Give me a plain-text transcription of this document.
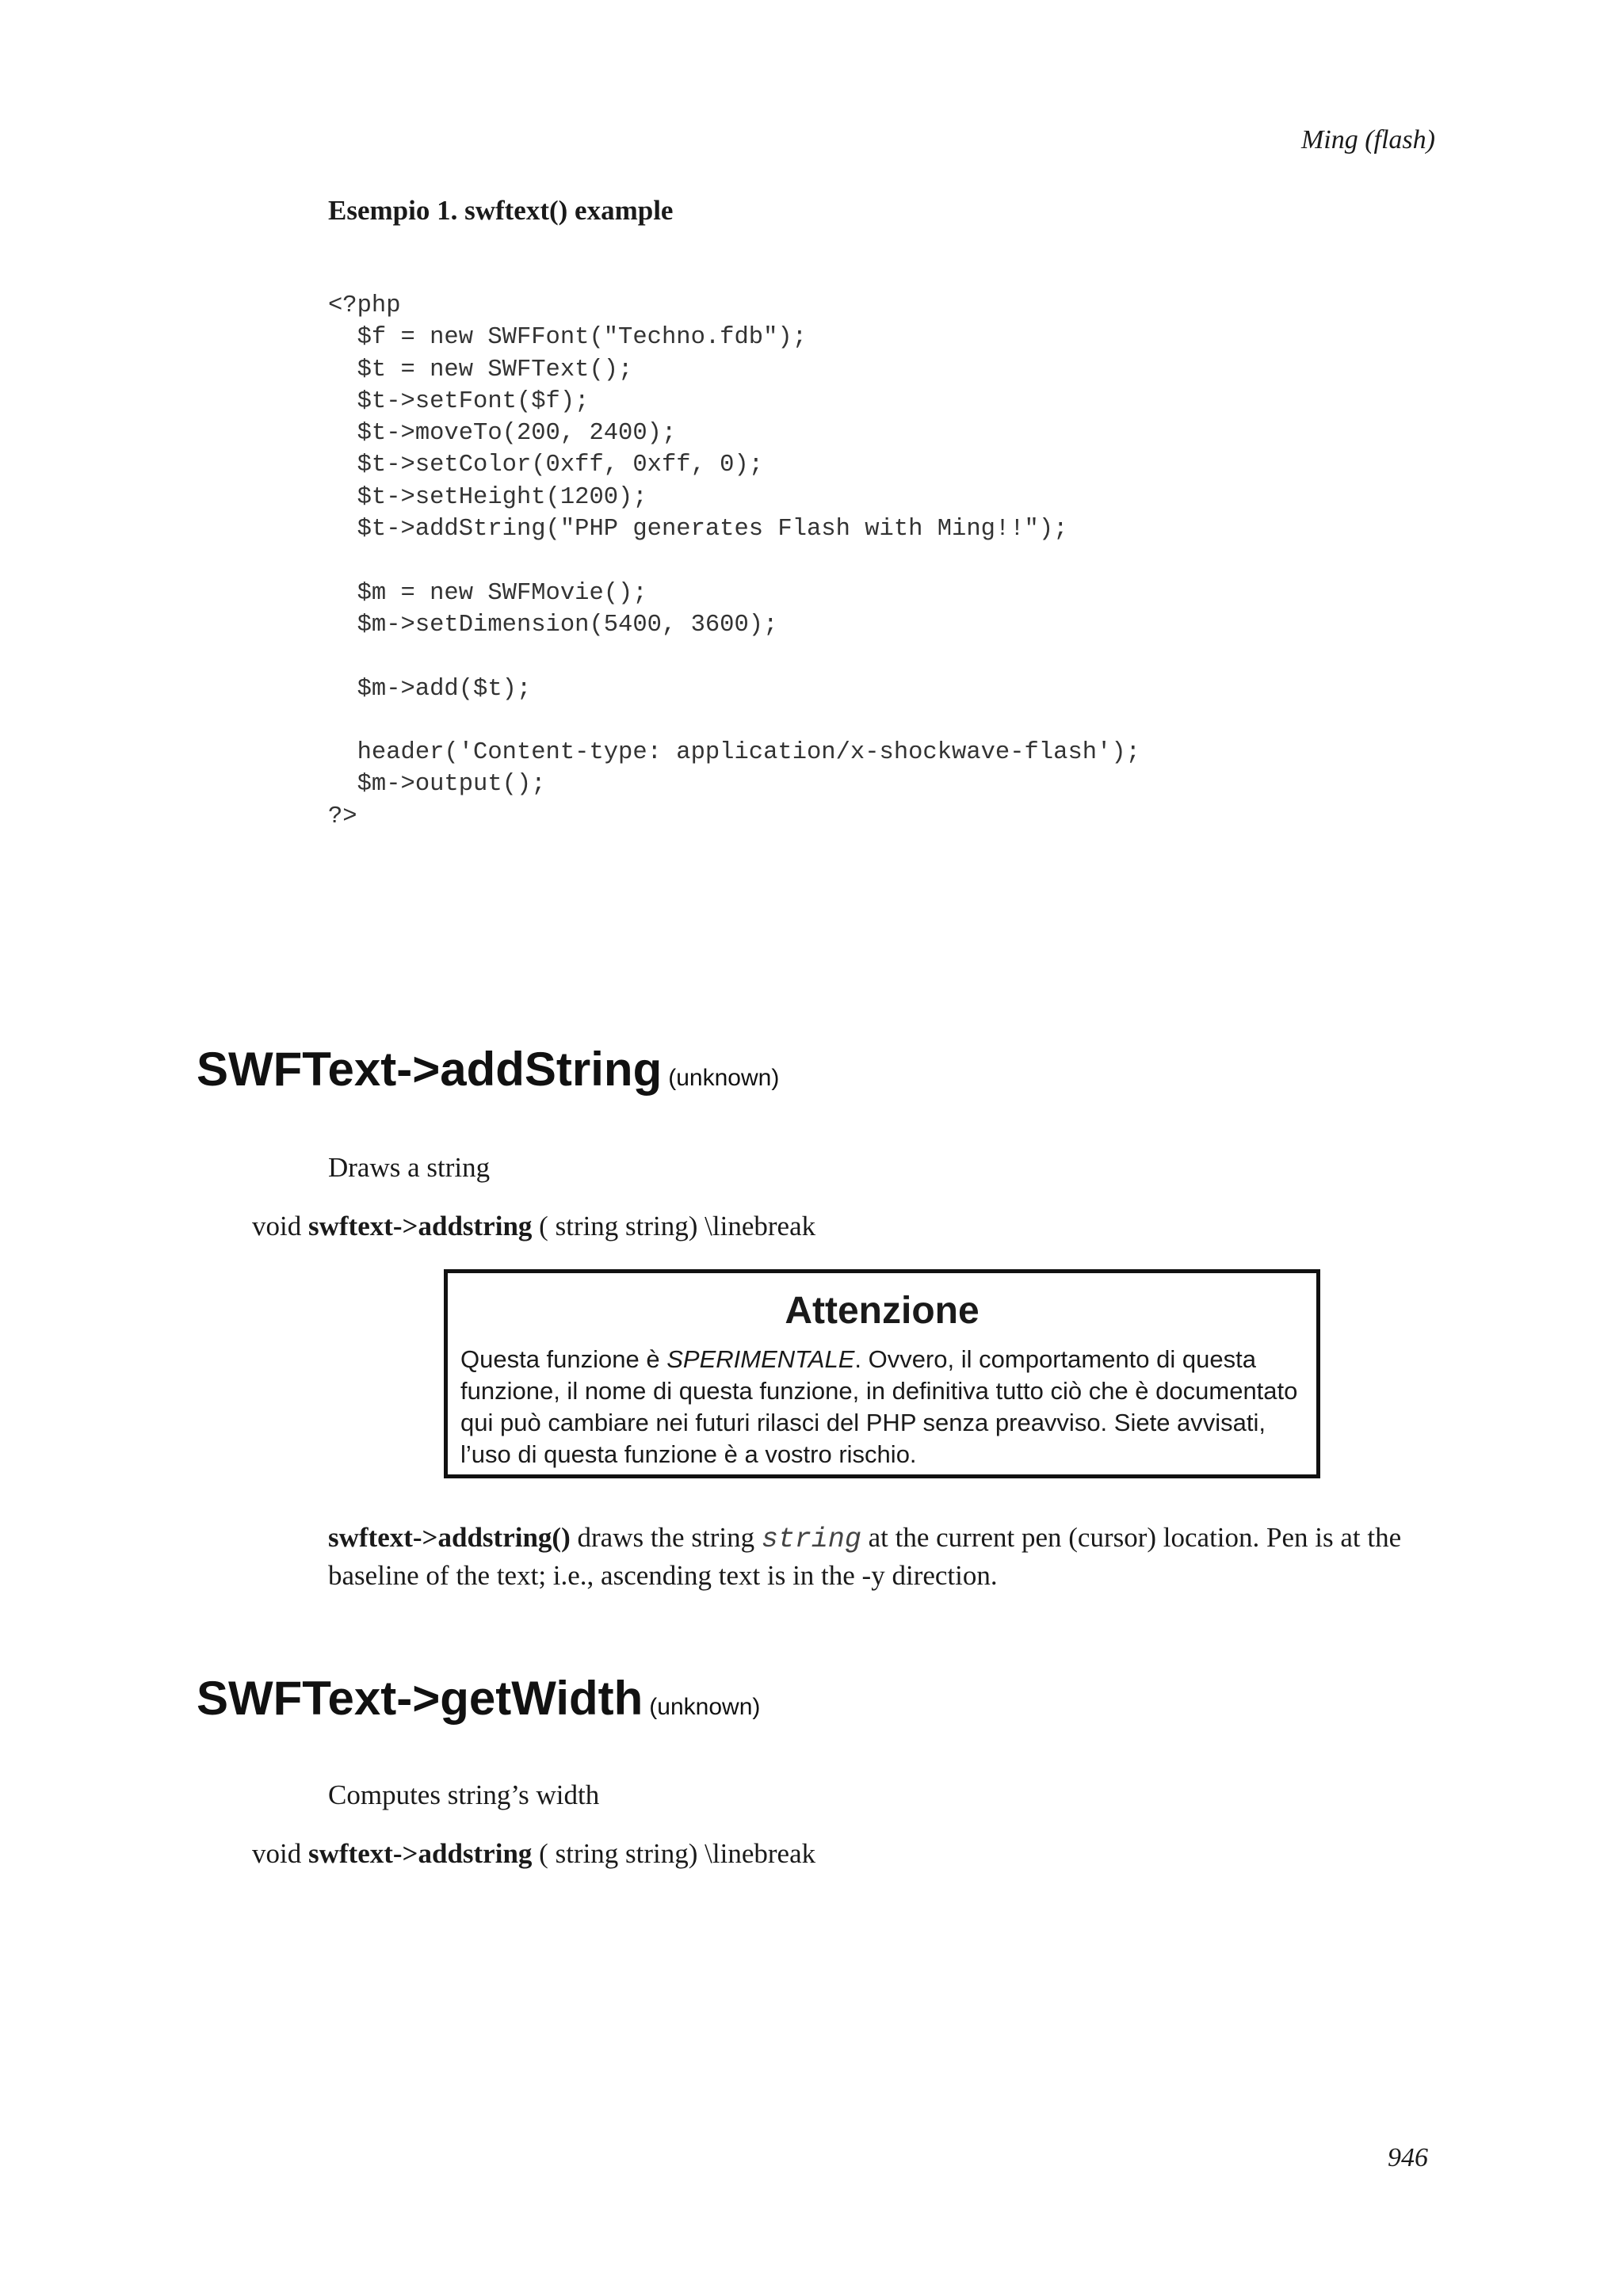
Ming (flash)
Esempio 1. swftext() example
<?php
$f = new SWFFont("Techno.fdb");
$t = new SWFText();
$t->setFont($f);
$t->moveTo(200, 2400);
$t->setColor(0xff, 0xff, 0);
$t->setHeight(1200);
$t->addString("PHP generates Flash with Ming!!");

$m = new SWFMovie();
$m->setDimension(5400, 3600);

$m->add($t);

header('Content-type: application/x-shockwave-flash');
$m->output();
?>
SWFText->addString (unknown)
Draws a string
void swftext->addstring ( string string) \linebreak
Attenzione
Questa funzione è SPERIMENTALE. Ovvero, il comportamento di questa funzione, il nome di questa funzione, in definitiva tutto ciò che è documentato qui può cambiare nei futuri rilasci del PHP senza preavviso. Siete avvisati, l’uso di questa funzione è a vostro rischio.
swftext->addstring() draws the string string at the current pen (cursor) location. Pen is at the baseline of the text; i.e., ascending text is in the -y direction.
SWFText->getWidth (unknown)
Computes string’s width
void swftext->addstring ( string string) \linebreak
946
